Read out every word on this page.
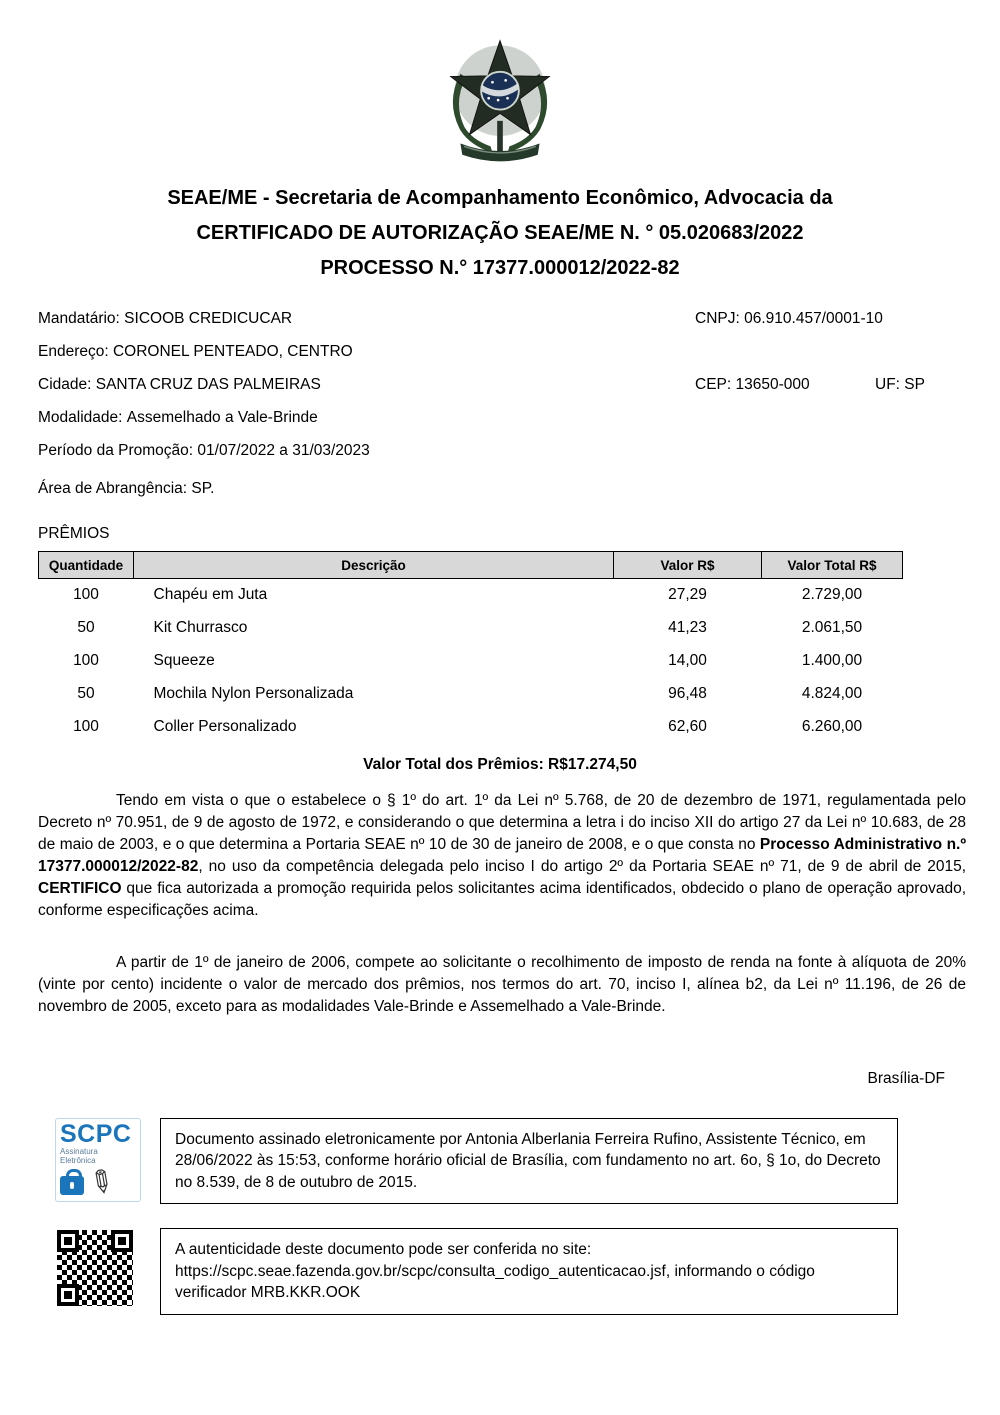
SEAE/ME - Secretaria de Acompanhamento Econômico, Advocacia da
CERTIFICADO DE AUTORIZAÇÃO SEAE/ME N. ° 05.020683/2022
PROCESSO N.° 17377.000012/2022-82
Mandatário: SICOOB CREDICUCAR	CNPJ: 06.910.457/0001-10
Endereço: CORONEL PENTEADO, CENTRO
Cidade: SANTA CRUZ DAS PALMEIRAS	CEP: 13650-000	UF: SP
Modalidade: Assemelhado a Vale-Brinde
Período da Promoção: 01/07/2022 a 31/03/2023
Área de Abrangência: SP.
PRÊMIOS
Quantidade	Descrição	Valor R$	Valor Total R$
100	Chapéu em Juta	27,29	2.729,00
50	Kit Churrasco	41,23	2.061,50
100	Squeeze	14,00	1.400,00
50	Mochila Nylon Personalizada	96,48	4.824,00
100	Coller Personalizado	62,60	6.260,00
Valor Total dos Prêmios: R$17.274,50

Tendo em vista o que o estabelece o § 1º do art. 1º da Lei nº 5.768, de 20 de dezembro de 1971, regulamentada pelo Decreto nº 70.951, de 9 de agosto de 1972, e considerando o que determina a letra i do inciso XII do artigo 27 da Lei nº 10.683, de 28 de maio de 2003, e o que determina a Portaria SEAE nº 10 de 30 de janeiro de 2008, e o que consta no Processo Administrativo n.º 17377.000012/2022-82, no uso da competência delegada pelo inciso I do artigo 2º da Portaria SEAE nº 71, de 9 de abril de 2015, CERTIFICO que fica autorizada a promoção requirida pelos solicitantes acima identificados, obdecido o plano de operação aprovado, conforme especificações acima.

A partir de 1º de janeiro de 2006, compete ao solicitante o recolhimento de imposto de renda na fonte à alíquota de 20% (vinte por cento) incidente o valor de mercado dos prêmios, nos termos do art. 70, inciso I, alínea b2, da Lei nº 11.196, de 26 de novembro de 2005, exceto para as modalidades Vale-Brinde e Assemelhado a Vale-Brinde.

Brasília-DF
SCPC
Assinatura
Eletrônica
✎
Documento assinado eletronicamente por Antonia Alberlania Ferreira Rufino, Assistente Técnico, em 28/06/2022 às 15:53, conforme horário oficial de Brasília, com fundamento no art. 6o, § 1o, do Decreto no 8.539, de 8 de outubro de 2015.
A autenticidade deste documento pode ser conferida no site:
https://scpc.seae.fazenda.gov.br/scpc/consulta_codigo_autenticacao.jsf, informando o código verificador MRB.KKR.OOK
